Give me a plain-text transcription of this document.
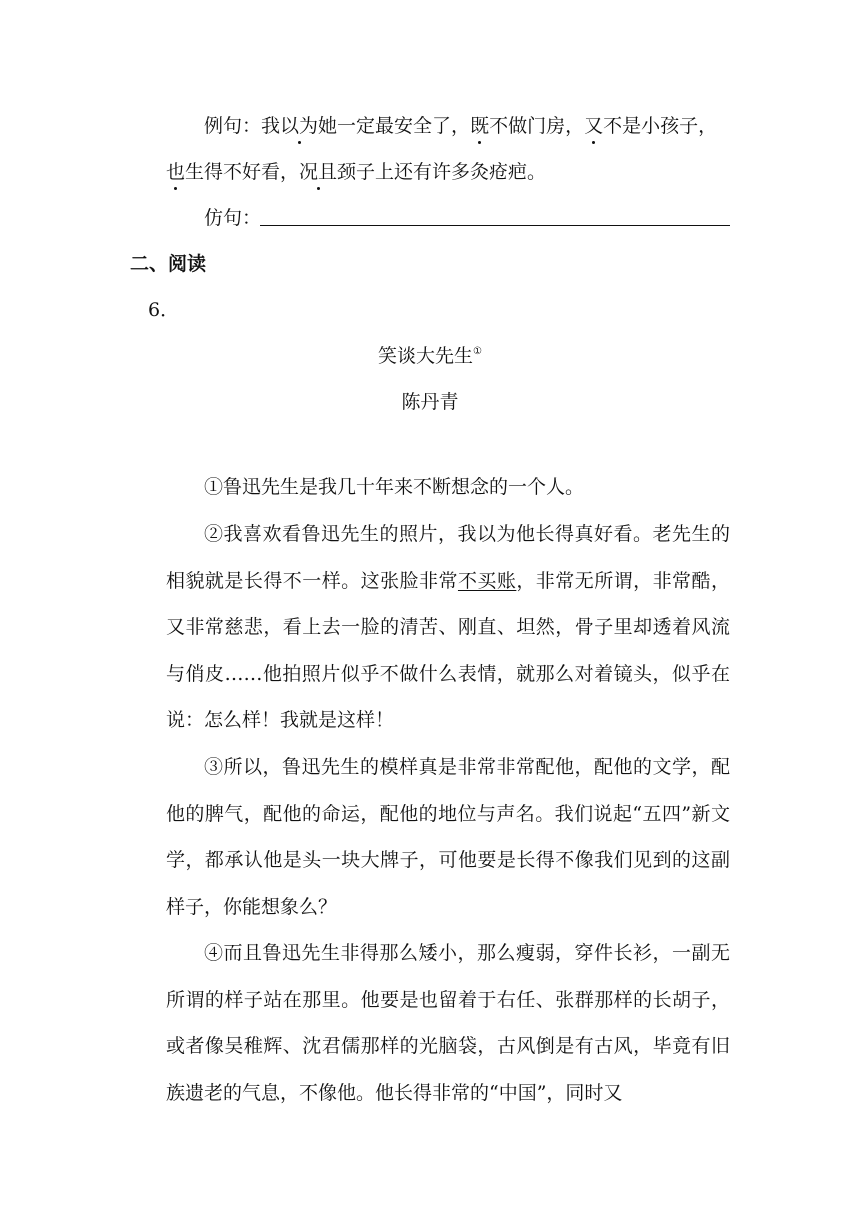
例句：我以为她一定最安全了，既不做门房，又不是小孩子，
也生得不好看，况且颈子上还有许多灸疮疤。
仿句：
二、阅读
6．
笑谈大先生①
陈丹青
①鲁迅先生是我几十年来不断想念的一个人。
②我喜欢看鲁迅先生的照片，我以为他长得真好看。老先生的相貌就是长得不一样。这张脸非常不买账，非常无所谓，非常酷，又非常慈悲，看上去一脸的清苦、刚直、坦然，骨子里却透着风流与俏皮……他拍照片似乎不做什么表情，就那么对着镜头，似乎在说：怎么样！我就是这样！
③所以，鲁迅先生的模样真是非常非常配他，配他的文学，配他的脾气，配他的命运，配他的地位与声名。我们说起“五四”新文学，都承认他是头一块大牌子，可他要是长得不像我们见到的这副样子，你能想象么？
④而且鲁迅先生非得那么矮小，那么瘦弱，穿件长衫，一副无所谓的样子站在那里。他要是也留着于右任、张群那样的长胡子，或者像吴稚辉、沈君儒那样的光脑袋，古风倒是有古风，毕竟有旧族遗老的气息，不像他。他长得非常的“中国”，同时又
